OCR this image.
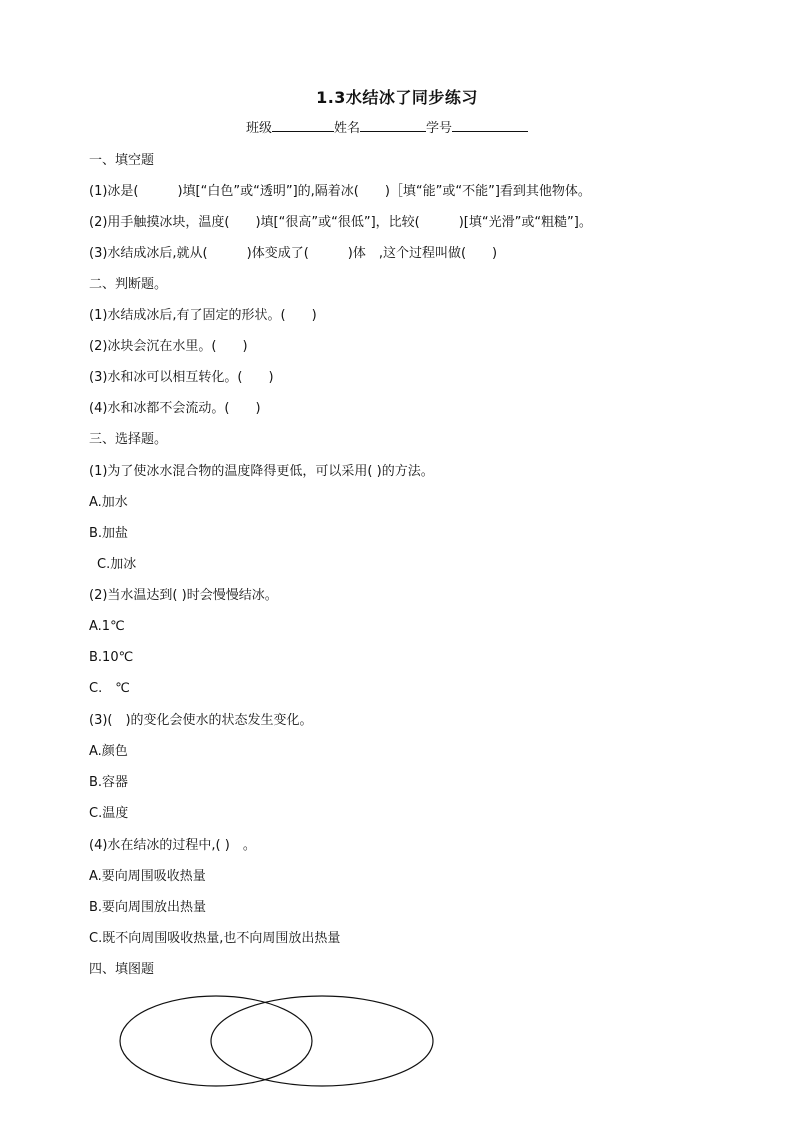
1.3水结冰了同步练习
班级	姓名	学号
一、填空题
(1)冰是(　　　)填[“白色”或“透明”]的,隔着冰(　　)［填“能”或“不能”]看到其他物体。
(2)用手触摸冰块，温度(　　)填[“很高”或“很低”]，比较(　　　)[填“光滑”或“粗糙”]。
(3)水结成冰后,就从(　　　)体变成了(　　　)体　,这个过程叫做(　　)
二、判断题。
(1)水结成冰后,有了固定的形状。(　　)
(2)冰块会沉在水里。(　　)
(3)水和冰可以相互转化。(　　)
(4)水和冰都不会流动。(　　)
三、选择题。
(1)为了使冰水混合物的温度降得更低，可以采用( )的方法。
A.加水
B.加盐
C.加冰
(2)当水温达到( )时会慢慢结冰。
A.1℃
B.10℃
C.　℃
(3)(　)的变化会使水的状态发生变化。
A.颜色
B.容器
C.温度
(4)水在结冰的过程中,( )　。
A.要向周围吸收热量
B.要向周围放出热量
C.既不向周围吸收热量,也不向周围放出热量
四、填图题
